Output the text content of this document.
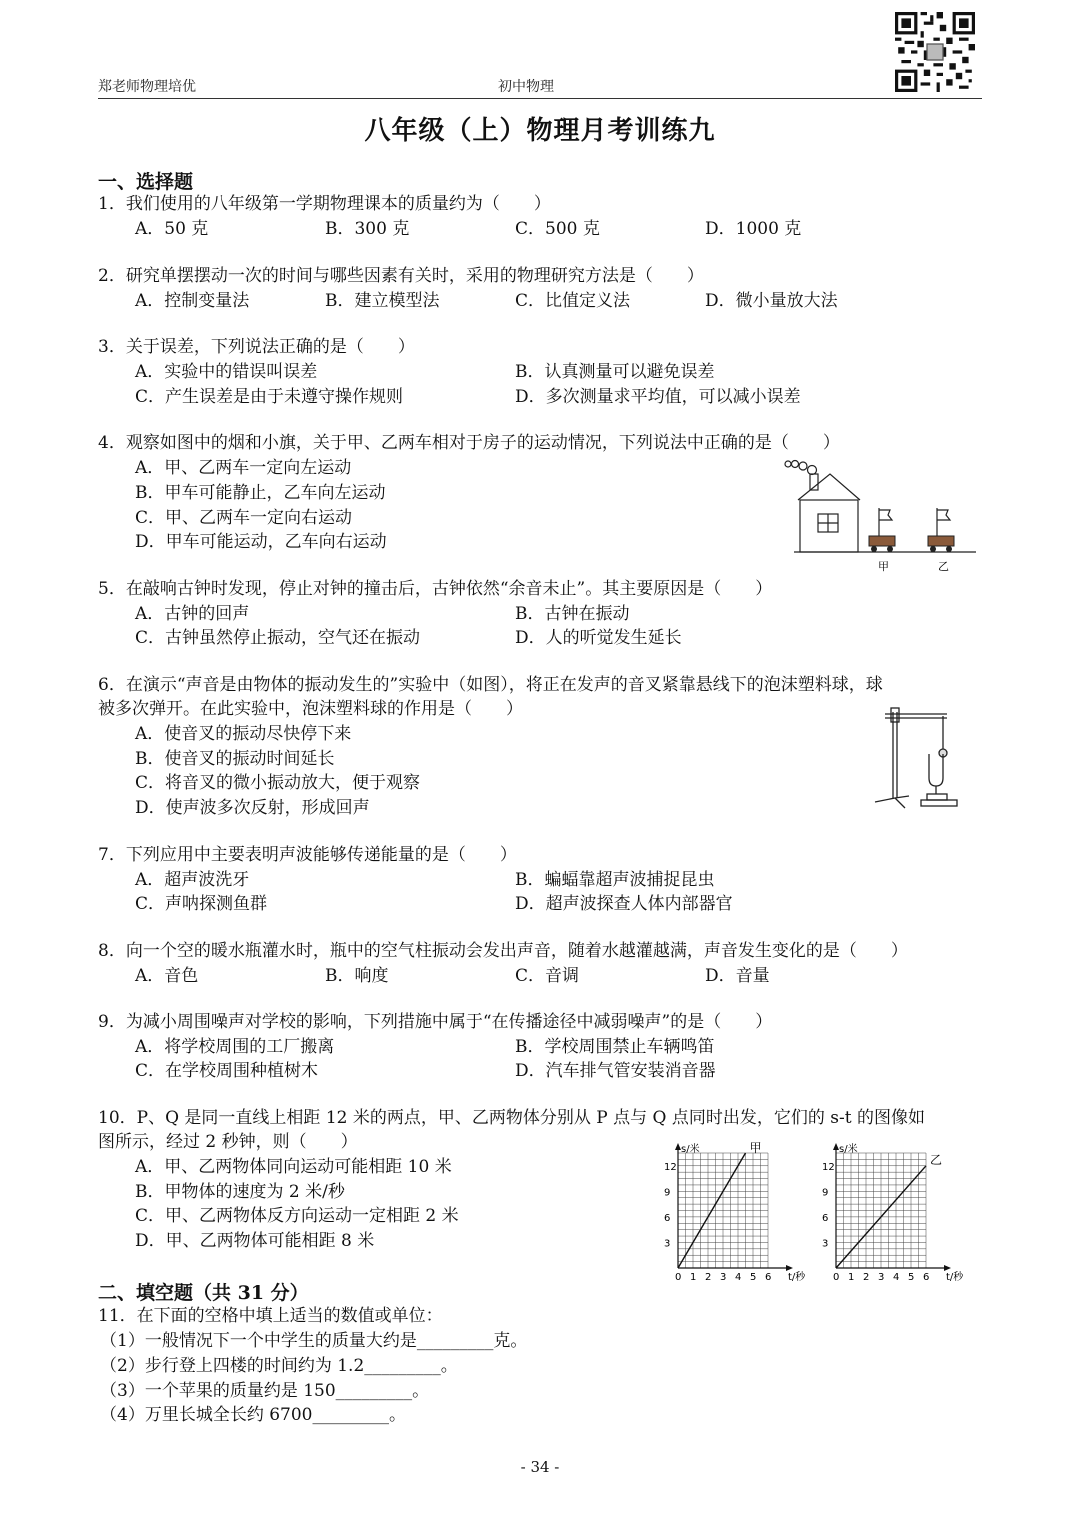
郑老师物理培优	初中物理
八年级（上）物理月考训练九
一、选择题
1．我们使用的八年级第一学期物理课本的质量约为（　　）
A．50 克	B．300 克	C．500 克	D．1000 克
2．研究单摆摆动一次的时间与哪些因素有关时，采用的物理研究方法是（　　）
A．控制变量法	B．建立模型法	C．比值定义法	D．微小量放大法
3．关于误差，下列说法正确的是（　　）
A．实验中的错误叫误差	B．认真测量可以避免误差
C．产生误差是由于未遵守操作规则	D．多次测量求平均值，可以减小误差
4．观察如图中的烟和小旗，关于甲、乙两车相对于房子的运动情况，下列说法中正确的是（　　）
A．甲、乙两车一定向左运动
B．甲车可能静止，乙车向左运动
C．甲、乙两车一定向右运动
D．甲车可能运动，乙车向右运动
甲	乙
5．在敲响古钟时发现，停止对钟的撞击后，古钟依然“余音未止”。其主要原因是（　　）
A．古钟的回声	B．古钟在振动
C．古钟虽然停止振动，空气还在振动	D．人的听觉发生延长
6．在演示“声音是由物体的振动发生的”实验中（如图），将正在发声的音叉紧靠悬线下的泡沫塑料球，球
被多次弹开。在此实验中，泡沫塑料球的作用是（　　）
A．使音叉的振动尽快停下来
B．使音叉的振动时间延长
C．将音叉的微小振动放大，便于观察
D．使声波多次反射，形成回声
7．下列应用中主要表明声波能够传递能量的是（　　）
A．超声波洗牙	B．蝙蝠靠超声波捕捉昆虫
C．声呐探测鱼群	D．超声波探查人体内部器官
8．向一个空的暖水瓶灌水时，瓶中的空气柱振动会发出声音，随着水越灌越满，声音发生变化的是（　　）
A．音色	B．响度	C．音调	D．音量
9．为减小周围噪声对学校的影响，下列措施中属于“在传播途径中减弱噪声”的是（　　）
A．将学校周围的工厂搬离	B．学校周围禁止车辆鸣笛
C．在学校周围种植树木	D．汽车排气管安装消音器
10．P、Q 是同一直线上相距 12 米的两点，甲、乙两物体分别从 P 点与 Q 点同时出发，它们的 s-t 的图像如
图所示，经过 2 秒钟，则（　　）
A．甲、乙两物体同向运动可能相距 10 米
B．甲物体的速度为 2 米/秒
C．甲、乙两物体反方向运动一定相距 2 米
D．甲、乙两物体可能相距 8 米
0 1 2 3 4 5 6
3
6
9
12
s/米
t/秒
甲
0 1 2 3 4 5 6
3
6
9
12
s/米
t/秒
乙
二、填空题（共 31 分）
11．在下面的空格中填上适当的数值或单位：
（1）一般情况下一个中学生的质量大约是_________克。
（2）步行登上四楼的时间约为 1.2_________。
（3）一个苹果的质量约是 150_________。
（4）万里长城全长约 6700_________。
- 34 -
